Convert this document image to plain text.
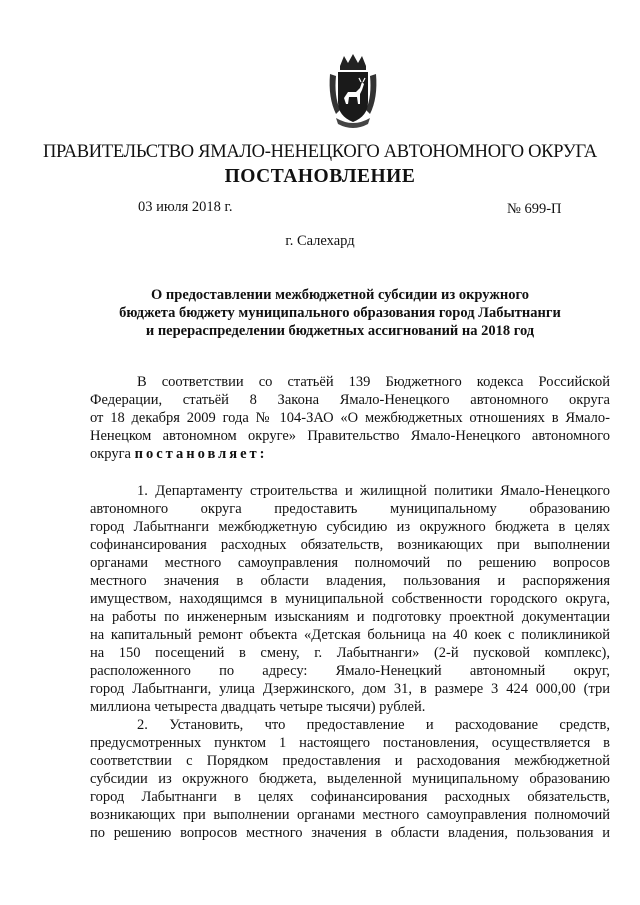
ПРАВИТЕЛЬСТВО ЯМАЛО-НЕНЕЦКОГО АВТОНОМНОГО ОКРУГА
ПОСТАНОВЛЕНИЕ
03 июля 2018 г.	№ 699-П
г. Салехард
О предоставлении межбюджетной субсидии из окружного
бюджета бюджету муниципального образования город Лабытнанги
и перераспределении бюджетных ассигнований на 2018 год
В соответствии со статьёй 139 Бюджетного кодекса Российской
Федерации, статьёй 8 Закона Ямало-Ненецкого автономного округа
от 18 декабря 2009 года № 104-ЗАО «О межбюджетных отношениях в Ямало-
Ненецком автономном округе» Правительство Ямало-Ненецкого автономного
округа постановляет:
1. Департаменту строительства и жилищной политики Ямало-Ненецкого
автономного округа предоставить муниципальному образованию
город Лабытнанги межбюджетную субсидию из окружного бюджета в целях
софинансирования расходных обязательств, возникающих при выполнении
органами местного самоуправления полномочий по решению вопросов
местного значения в области владения, пользования и распоряжения
имуществом, находящимся в муниципальной собственности городского округа,
на работы по инженерным изысканиям и подготовку проектной документации
на капитальный ремонт объекта «Детская больница на 40 коек с поликлиникой
на 150 посещений в смену, г. Лабытнанги» (2-й пусковой комплекс),
расположенного по адресу: Ямало-Ненецкий автономный округ,
город Лабытнанги, улица Дзержинского, дом 31, в размере 3 424 000,00 (три
миллиона четыреста двадцать четыре тысячи) рублей.
2. Установить, что предоставление и расходование средств,
предусмотренных пунктом 1 настоящего постановления, осуществляется в
соответствии с Порядком предоставления и расходования межбюджетной
субсидии из окружного бюджета, выделенной муниципальному образованию
город Лабытнанги в целях софинансирования расходных обязательств,
возникающих при выполнении органами местного самоуправления полномочий
по решению вопросов местного значения в области владения, пользования и
